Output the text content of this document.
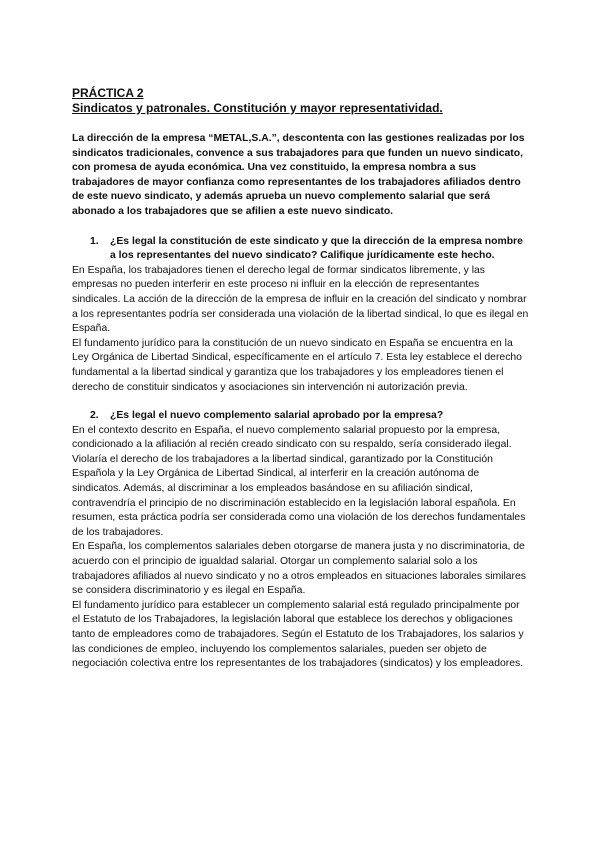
PRÁCTICA 2

Sindicatos y patronales. Constitución y mayor representatividad.

La dirección de la empresa “METAL,S.A.”, descontenta con las gestiones realizadas por los sindicatos tradicionales, convence a sus trabajadores para que funden un nuevo sindicato, con promesa de ayuda económica. Una vez constituido, la empresa nombra a sus trabajadores de mayor confianza como representantes de los trabajadores afiliados dentro de este nuevo sindicato, y además aprueba un nuevo complemento salarial que será abonado a los trabajadores que se afilien a este nuevo sindicato.

1. ¿Es legal la constitución de este sindicato y que la dirección de la empresa nombre a los representantes del nuevo sindicato? Califique jurídicamente este hecho.

En España, los trabajadores tienen el derecho legal de formar sindicatos libremente, y las empresas no pueden interferir en este proceso ni influir en la elección de representantes sindicales. La acción de la dirección de la empresa de influir en la creación del sindicato y nombrar a los representantes podría ser considerada una violación de la libertad sindical, lo que es ilegal en España.

El fundamento jurídico para la constitución de un nuevo sindicato en España se encuentra en la Ley Orgánica de Libertad Sindical, específicamente en el artículo 7. Esta ley establece el derecho fundamental a la libertad sindical y garantiza que los trabajadores y los empleadores tienen el derecho de constituir sindicatos y asociaciones sin intervención ni autorización previa.

2. ¿Es legal el nuevo complemento salarial aprobado por la empresa?

En el contexto descrito en España, el nuevo complemento salarial propuesto por la empresa, condicionado a la afiliación al recién creado sindicato con su respaldo, sería considerado ilegal. Violaría el derecho de los trabajadores a la libertad sindical, garantizado por la Constitución Española y la Ley Orgánica de Libertad Sindical, al interferir en la creación autónoma de sindicatos. Además, al discriminar a los empleados basándose en su afiliación sindical, contravendría el principio de no discriminación establecido en la legislación laboral española. En resumen, esta práctica podría ser considerada como una violación de los derechos fundamentales de los trabajadores.

En España, los complementos salariales deben otorgarse de manera justa y no discriminatoria, de acuerdo con el principio de igualdad salarial. Otorgar un complemento salarial solo a los trabajadores afiliados al nuevo sindicato y no a otros empleados en situaciones laborales similares se considera discriminatorio y es ilegal en España.

El fundamento jurídico para establecer un complemento salarial está regulado principalmente por el Estatuto de los Trabajadores, la legislación laboral que establece los derechos y obligaciones tanto de empleadores como de trabajadores. Según el Estatuto de los Trabajadores, los salarios y las condiciones de empleo, incluyendo los complementos salariales, pueden ser objeto de negociación colectiva entre los representantes de los trabajadores (sindicatos) y los empleadores.
